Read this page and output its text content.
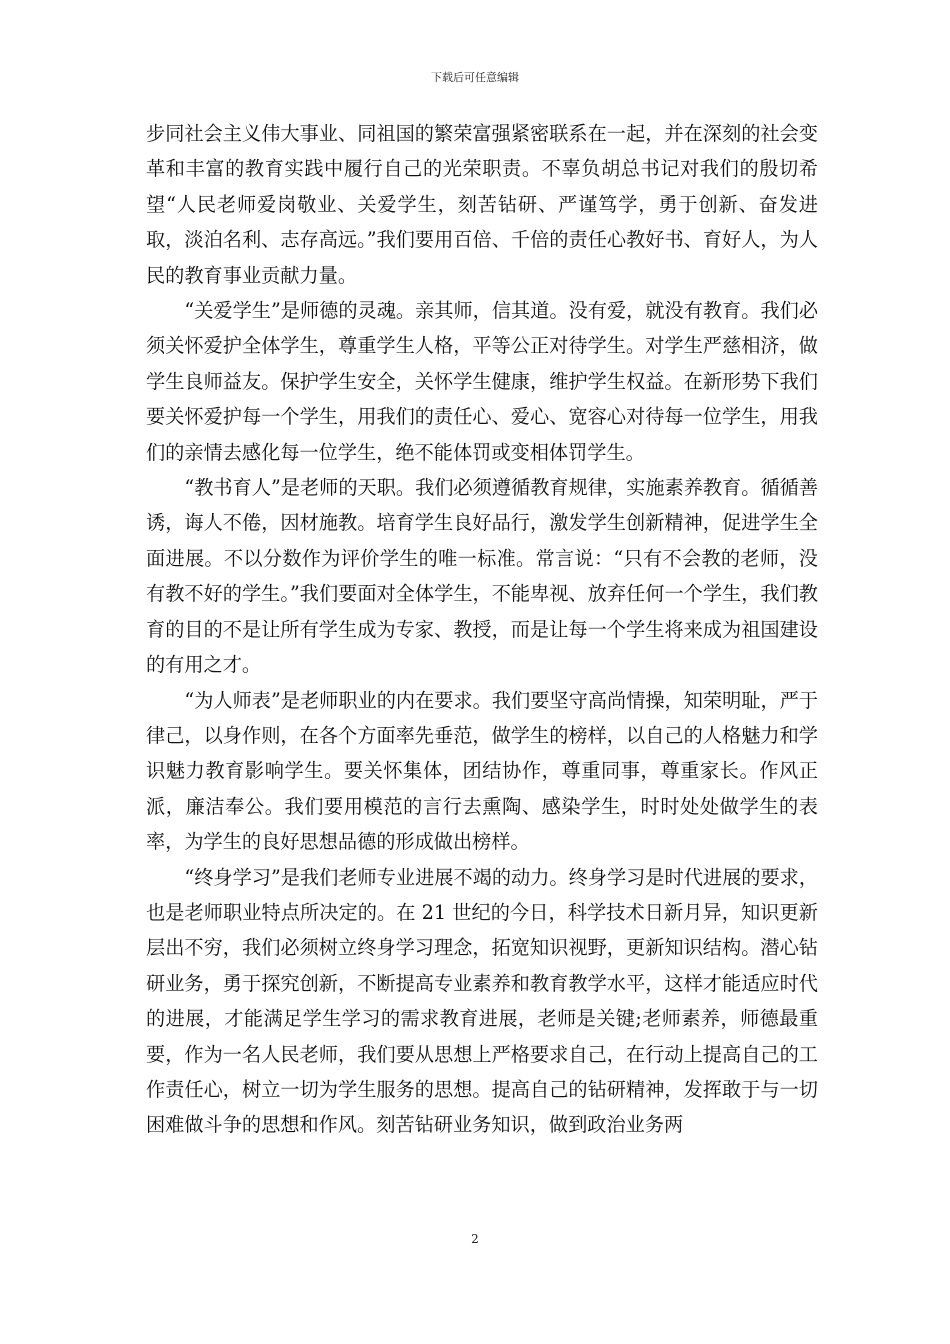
下载后可任意编辑

步同社会主义伟大事业、同祖国的繁荣富强紧密联系在一起，并在深刻的社会变革和丰富的教育实践中履行自己的光荣职责。不辜负胡总书记对我们的殷切希望“人民老师爱岗敬业、关爱学生，刻苦钻研、严谨笃学，勇于创新、奋发进取，淡泊名利、志存高远。”我们要用百倍、千倍的责任心教好书、育好人，为人民的教育事业贡献力量。

“关爱学生”是师德的灵魂。亲其师，信其道。没有爱，就没有教育。我们必须关怀爱护全体学生，尊重学生人格，平等公正对待学生。对学生严慈相济，做学生良师益友。保护学生安全，关怀学生健康，维护学生权益。在新形势下我们要关怀爱护每一个学生，用我们的责任心、爱心、宽容心对待每一位学生，用我们的亲情去感化每一位学生，绝不能体罚或变相体罚学生。

“教书育人”是老师的天职。我们必须遵循教育规律，实施素养教育。循循善诱，诲人不倦，因材施教。培育学生良好品行，激发学生创新精神，促进学生全面进展。不以分数作为评价学生的唯一标准。常言说：“只有不会教的老师，没有教不好的学生。”我们要面对全体学生，不能卑视、放弃任何一个学生，我们教育的目的不是让所有学生成为专家、教授，而是让每一个学生将来成为祖国建设的有用之才。

“为人师表”是老师职业的内在要求。我们要坚守高尚情操，知荣明耻，严于律己，以身作则，在各个方面率先垂范，做学生的榜样，以自己的人格魅力和学识魅力教育影响学生。要关怀集体，团结协作，尊重同事，尊重家长。作风正派，廉洁奉公。我们要用模范的言行去熏陶、感染学生，时时处处做学生的表率，为学生的良好思想品德的形成做出榜样。

“终身学习”是我们老师专业进展不竭的动力。终身学习是时代进展的要求，也是老师职业特点所决定的。在 21 世纪的今日，科学技术日新月异，知识更新层出不穷，我们必须树立终身学习理念，拓宽知识视野，更新知识结构。潜心钻研业务，勇于探究创新，不断提高专业素养和教育教学水平，这样才能适应时代的进展，才能满足学生学习的需求教育进展，老师是关键;老师素养，师德最重要，作为一名人民老师，我们要从思想上严格要求自己，在行动上提高自己的工作责任心，树立一切为学生服务的思想。提高自己的钻研精神，发挥敢于与一切困难做斗争的思想和作风。刻苦钻研业务知识，做到政治业务两

2
